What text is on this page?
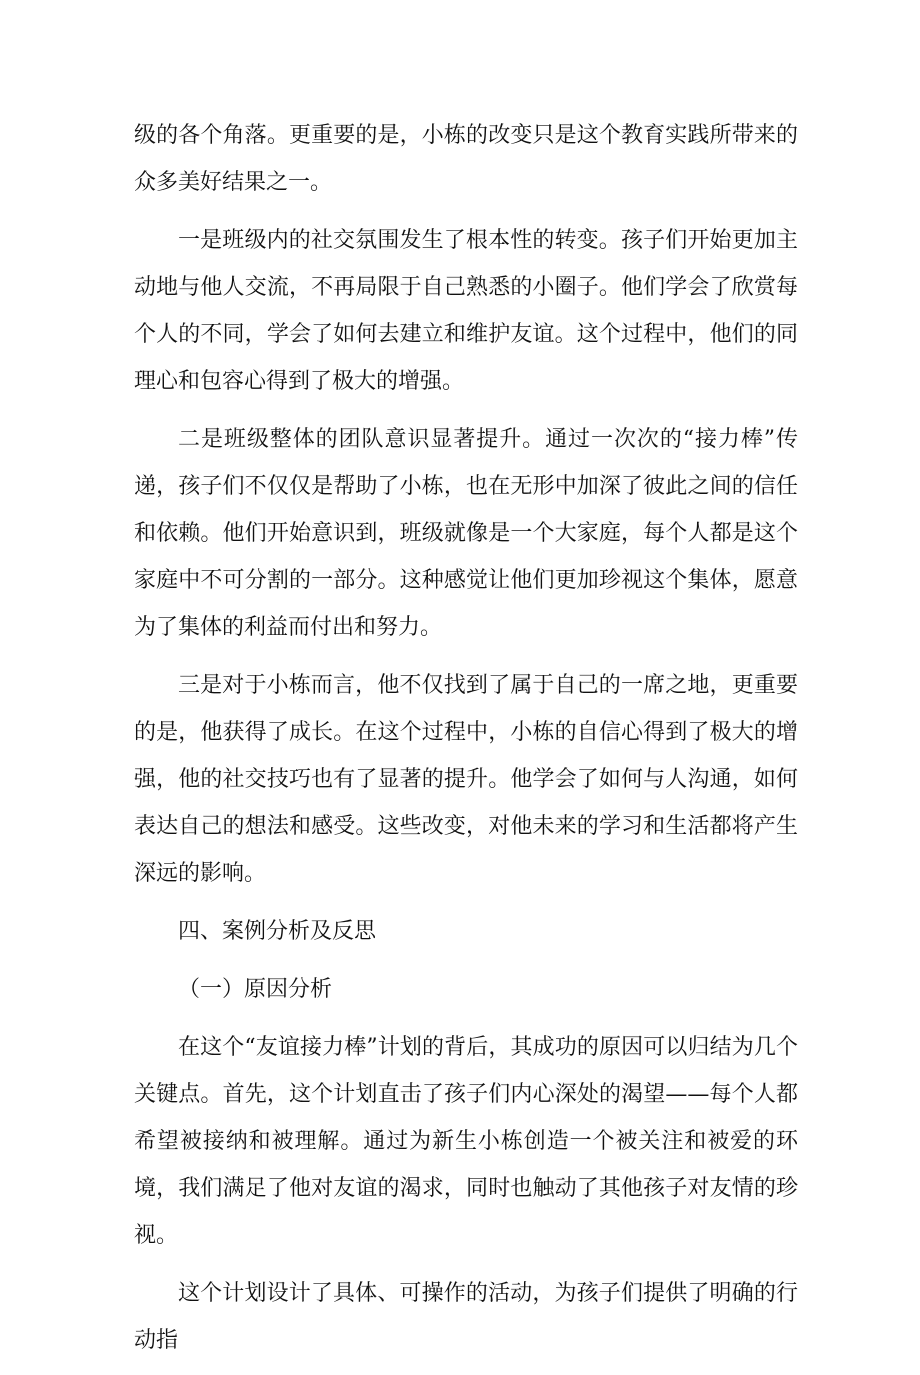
级的各个角落。更重要的是，小栋的改变只是这个教育实践所带来的众多美好结果之一。

一是班级内的社交氛围发生了根本性的转变。孩子们开始更加主动地与他人交流，不再局限于自己熟悉的小圈子。他们学会了欣赏每个人的不同，学会了如何去建立和维护友谊。这个过程中，他们的同理心和包容心得到了极大的增强。

二是班级整体的团队意识显著提升。通过一次次的“接力棒”传递，孩子们不仅仅是帮助了小栋，也在无形中加深了彼此之间的信任和依赖。他们开始意识到，班级就像是一个大家庭，每个人都是这个家庭中不可分割的一部分。这种感觉让他们更加珍视这个集体，愿意为了集体的利益而付出和努力。

三是对于小栋而言，他不仅找到了属于自己的一席之地，更重要的是，他获得了成长。在这个过程中，小栋的自信心得到了极大的增强，他的社交技巧也有了显著的提升。他学会了如何与人沟通，如何表达自己的想法和感受。这些改变，对他未来的学习和生活都将产生深远的影响。

四、案例分析及反思

（一）原因分析

在这个“友谊接力棒”计划的背后，其成功的原因可以归结为几个关键点。首先，这个计划直击了孩子们内心深处的渴望——每个人都希望被接纳和被理解。通过为新生小栋创造一个被关注和被爱的环境，我们满足了他对友谊的渴求，同时也触动了其他孩子对友情的珍视。

这个计划设计了具体、可操作的活动，为孩子们提供了明确的行动指
